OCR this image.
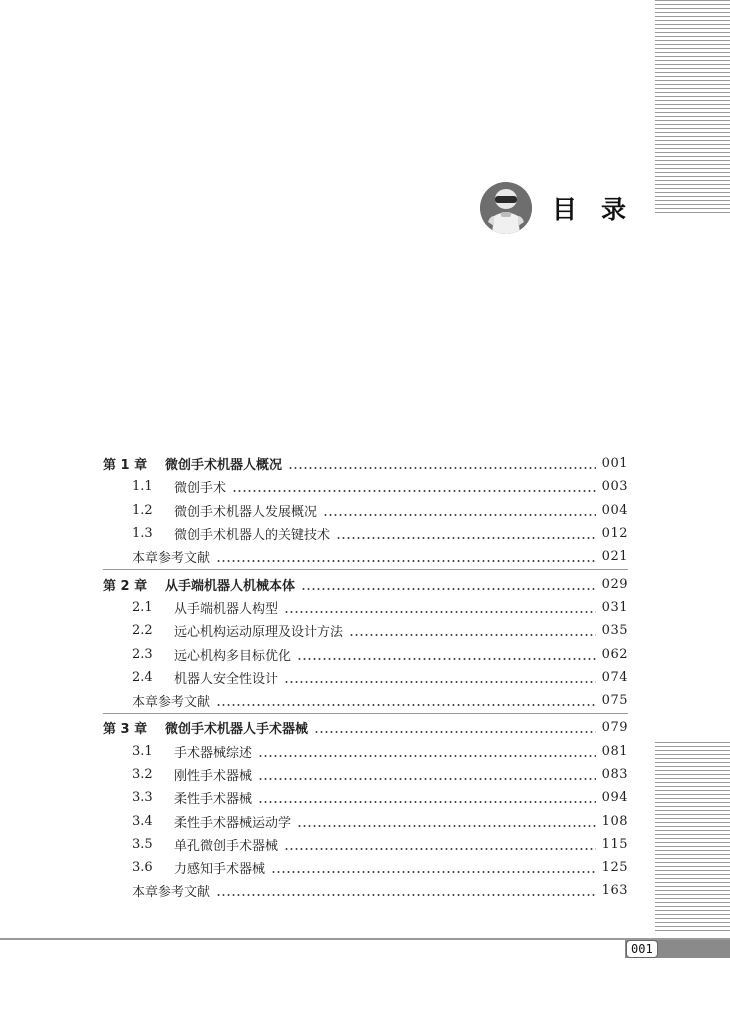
目录
第 1 章	微创手术机器人概况	001
1.1	微创手术	003
1.2	微创手术机器人发展概况	004
1.3	微创手术机器人的关键技术	012
本章参考文献	021
第 2 章	从手端机器人机械本体	029
2.1	从手端机器人构型	031
2.2	远心机构运动原理及设计方法	035
2.3	远心机构多目标优化	062
2.4	机器人安全性设计	074
本章参考文献	075
第 3 章	微创手术机器人手术器械	079
3.1	手术器械综述	081
3.2	刚性手术器械	083
3.3	柔性手术器械	094
3.4	柔性手术器械运动学	108
3.5	单孔微创手术器械	115
3.6	力感知手术器械	125
本章参考文献	163
001
